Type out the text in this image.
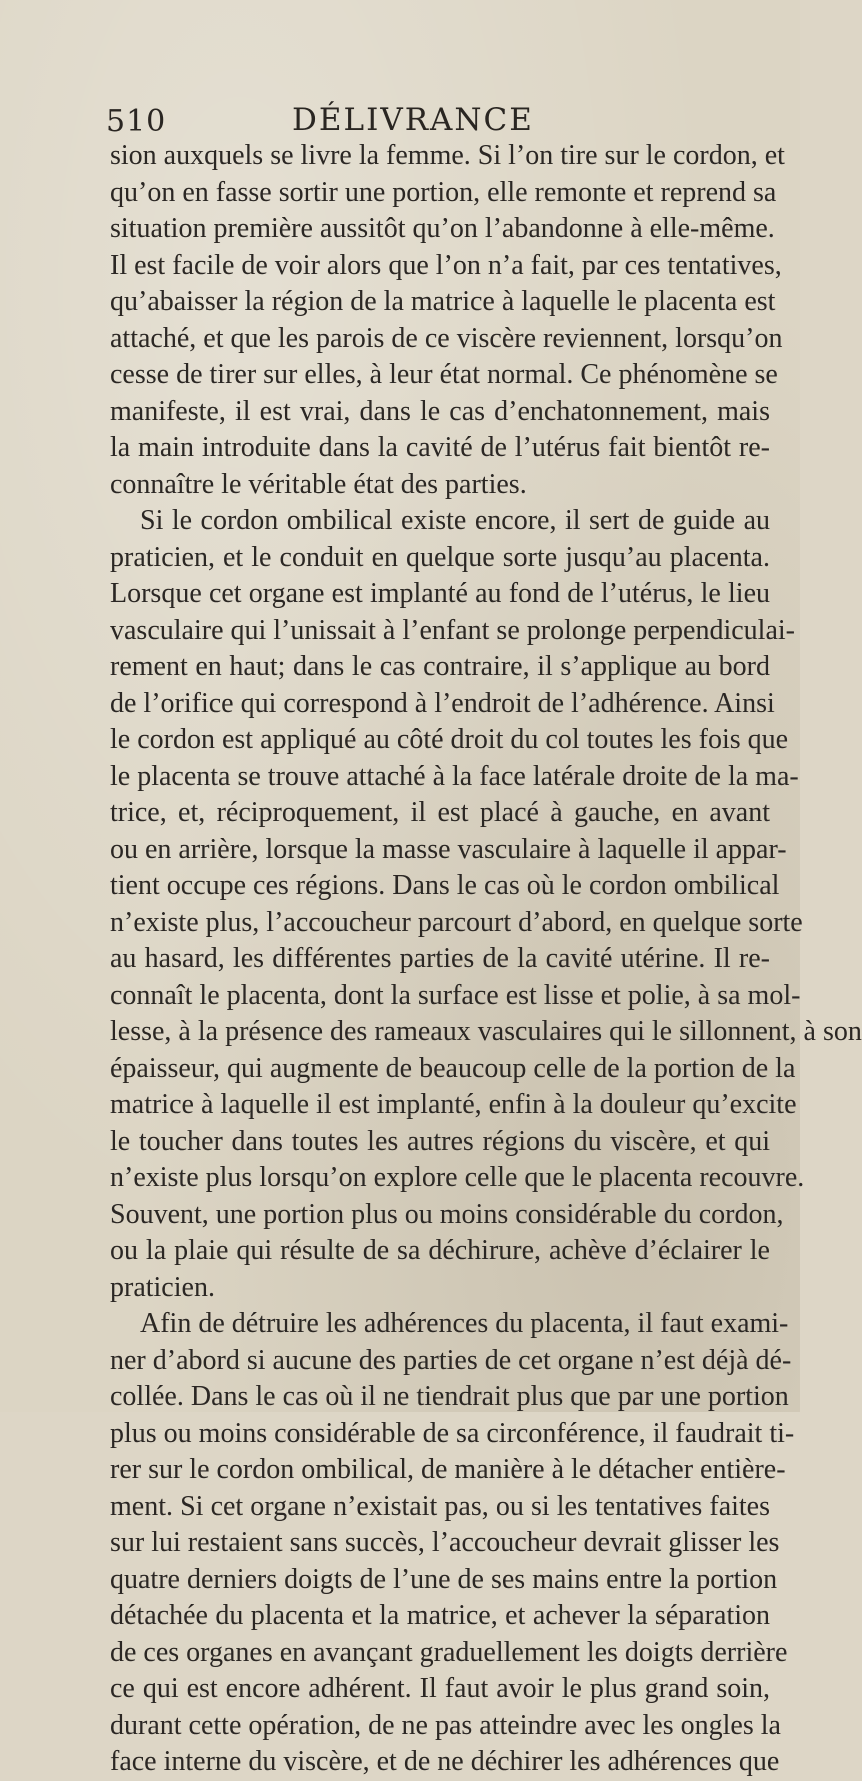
510	DÉLIVRANCE
sion auxquels se livre la femme. Si l’on tire sur le cordon, et
qu’on en fasse sortir une portion, elle remonte et reprend sa
situation première aussitôt qu’on l’abandonne à elle-même.
Il est facile de voir alors que l’on n’a fait, par ces tentatives,
qu’abaisser la région de la matrice à laquelle le placenta est
attaché, et que les parois de ce viscère reviennent, lorsqu’on
cesse de tirer sur elles, à leur état normal. Ce phénomène se
manifeste, il est vrai, dans le cas d’enchatonnement, mais
la main introduite dans la cavité de l’utérus fait bientôt re-
connaître le véritable état des parties.
Si le cordon ombilical existe encore, il sert de guide au
praticien, et le conduit en quelque sorte jusqu’au placenta.
Lorsque cet organe est implanté au fond de l’utérus, le lieu
vasculaire qui l’unissait à l’enfant se prolonge perpendiculai-
rement en haut; dans le cas contraire, il s’applique au bord
de l’orifice qui correspond à l’endroit de l’adhérence. Ainsi
le cordon est appliqué au côté droit du col toutes les fois que
le placenta se trouve attaché à la face latérale droite de la ma-
trice, et, réciproquement, il est placé à gauche, en avant
ou en arrière, lorsque la masse vasculaire à laquelle il appar-
tient occupe ces régions. Dans le cas où le cordon ombilical
n’existe plus, l’accoucheur parcourt d’abord, en quelque sorte
au hasard, les différentes parties de la cavité utérine. Il re-
connaît le placenta, dont la surface est lisse et polie, à sa mol-
lesse, à la présence des rameaux vasculaires qui le sillonnent, à son
épaisseur, qui augmente de beaucoup celle de la portion de la
matrice à laquelle il est implanté, enfin à la douleur qu’excite
le toucher dans toutes les autres régions du viscère, et qui
n’existe plus lorsqu’on explore celle que le placenta recouvre.
Souvent, une portion plus ou moins considérable du cordon,
ou la plaie qui résulte de sa déchirure, achève d’éclairer le
praticien.
Afin de détruire les adhérences du placenta, il faut exami-
ner d’abord si aucune des parties de cet organe n’est déjà dé-
collée. Dans le cas où il ne tiendrait plus que par une portion
plus ou moins considérable de sa circonférence, il faudrait ti-
rer sur le cordon ombilical, de manière à le détacher entière-
ment. Si cet organe n’existait pas, ou si les tentatives faites
sur lui restaient sans succès, l’accoucheur devrait glisser les
quatre derniers doigts de l’une de ses mains entre la portion
détachée du placenta et la matrice, et achever la séparation
de ces organes en avançant graduellement les doigts derrière
ce qui est encore adhérent. Il faut avoir le plus grand soin,
durant cette opération, de ne pas atteindre avec les ongles la
face interne du viscère, et de ne déchirer les adhérences que
